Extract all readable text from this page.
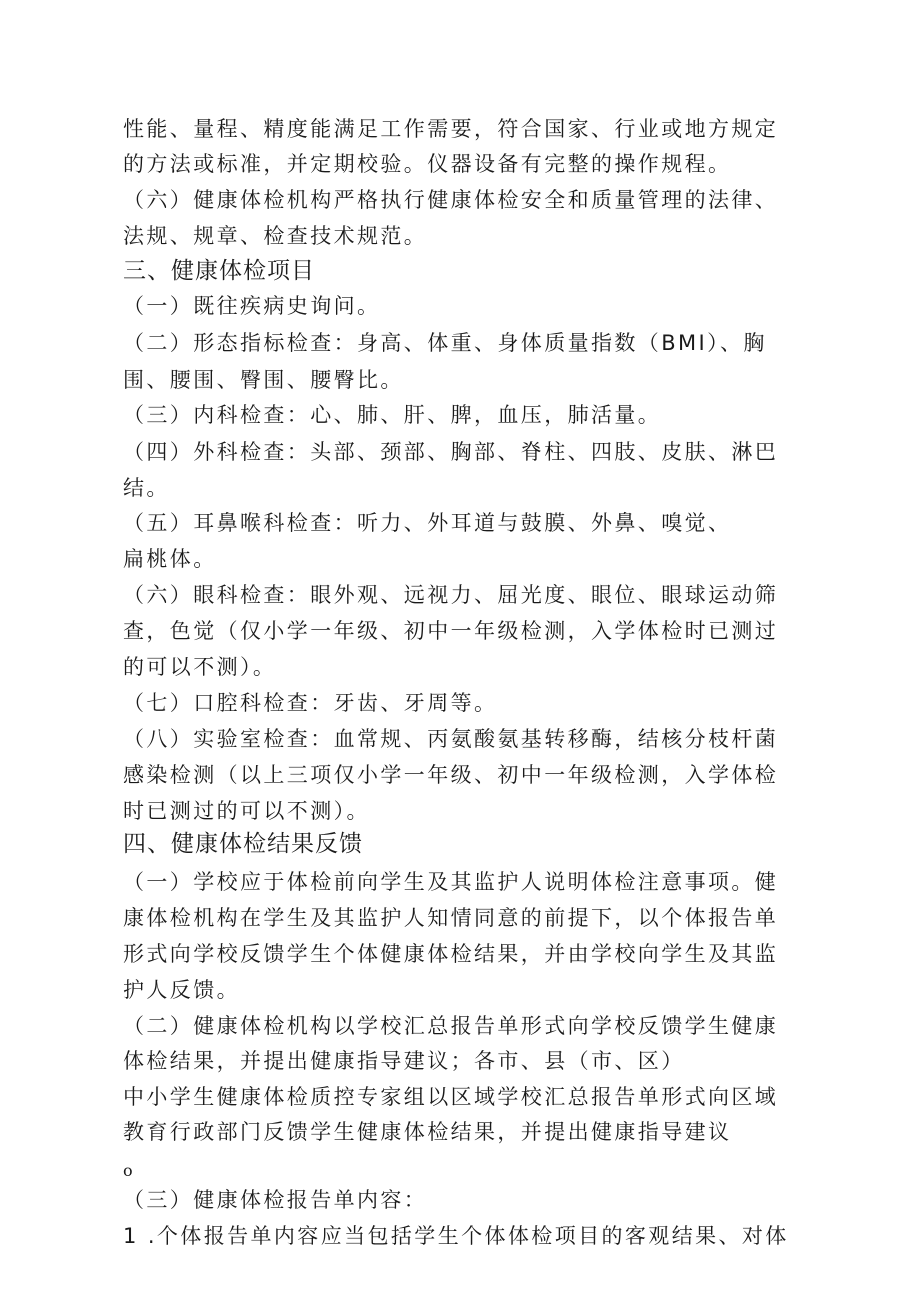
性能、量程、精度能满足工作需要，符合国家、行业或地方规定
的方法或标准，并定期校验。仪器设备有完整的操作规程。
（六）健康体检机构严格执行健康体检安全和质量管理的法律、
法规、规章、检查技术规范。
三、健康体检项目
（一）既往疾病史询问。
（二）形态指标检查：身高、体重、身体质量指数（BMI）、胸
围、腰围、臀围、腰臀比。
（三）内科检查：心、肺、肝、脾，血压，肺活量。
（四）外科检查：头部、颈部、胸部、脊柱、四肢、皮肤、淋巴
结。
（五）耳鼻喉科检查：听力、外耳道与鼓膜、外鼻、嗅觉、
扁桃体。
（六）眼科检查：眼外观、远视力、屈光度、眼位、眼球运动筛
查，色觉（仅小学一年级、初中一年级检测，入学体检时已测过
的可以不测）。
（七）口腔科检查：牙齿、牙周等。
（八）实验室检查：血常规、丙氨酸氨基转移酶，结核分枝杆菌
感染检测（以上三项仅小学一年级、初中一年级检测，入学体检
时已测过的可以不测）。
四、健康体检结果反馈
（一）学校应于体检前向学生及其监护人说明体检注意事项。健
康体检机构在学生及其监护人知情同意的前提下，以个体报告单
形式向学校反馈学生个体健康体检结果，并由学校向学生及其监
护人反馈。
（二）健康体检机构以学校汇总报告单形式向学校反馈学生健康
体检结果，并提出健康指导建议；各市、县（市、区）
中小学生健康体检质控专家组以区域学校汇总报告单形式向区域
教育行政部门反馈学生健康体检结果，并提出健康指导建议
o
（三）健康体检报告单内容：
1 .个体报告单内容应当包括学生个体体检项目的客观结果、对体
